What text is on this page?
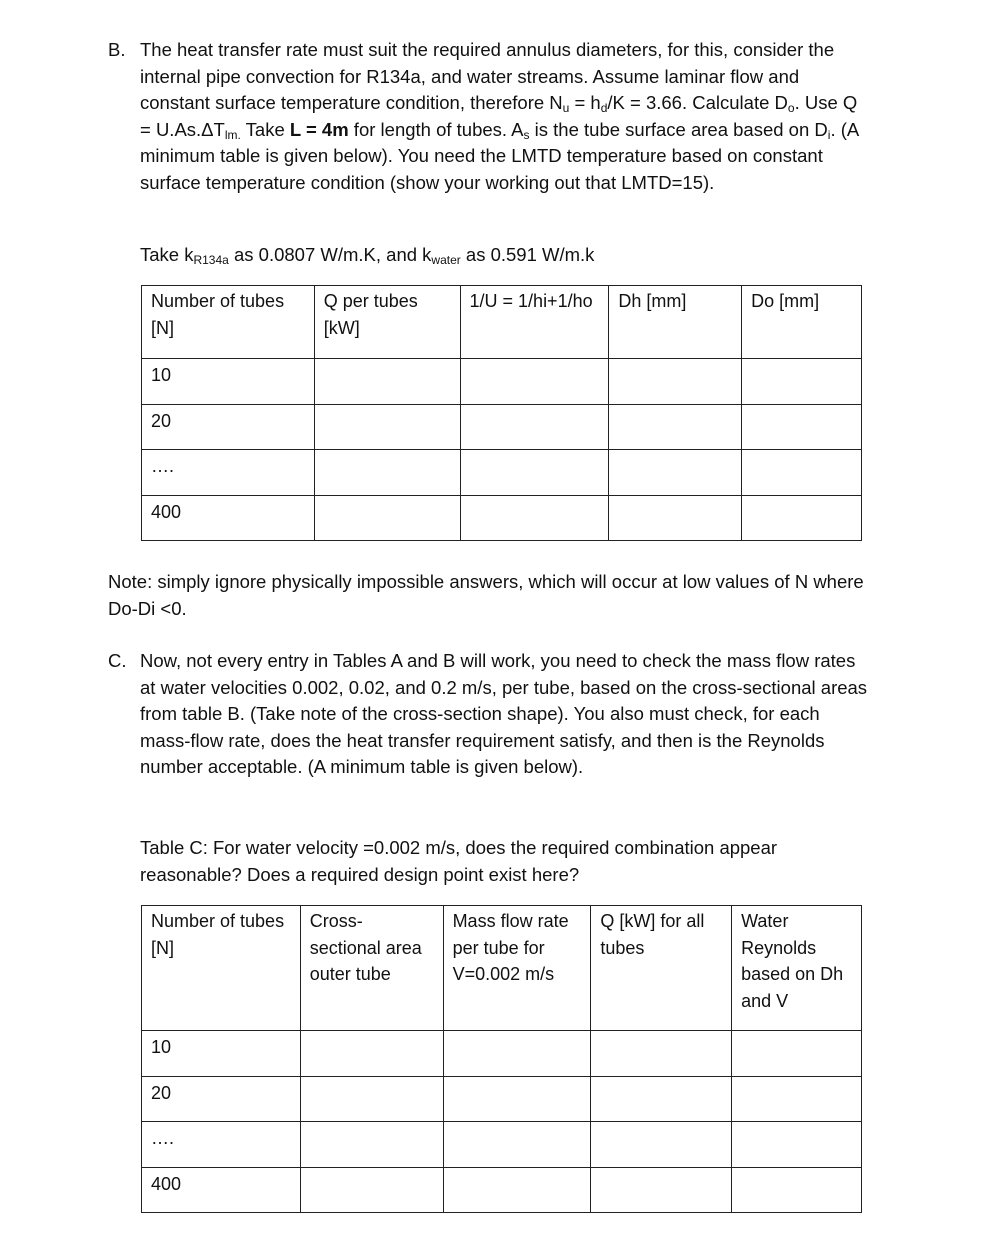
B. The heat transfer rate must suit the required annulus diameters, for this, consider the internal pipe convection for R134a, and water streams. Assume laminar flow and constant surface temperature condition, therefore $N_u = h_d/K = 3.66$. Calculate $D_o$. Use $Q = U.As.\Delta T_{lm.}$ Take L = 4m for length of tubes. $A_s$ is the tube surface area based on $D_i$. (A minimum table is given below). You need the LMTD temperature based on constant surface temperature condition (show your working out that LMTD=15).

Take $k_{R134a}$ as 0.0807 W/m.K, and $k_{water}$ as 0.591 W/m.k

Number of tubes [N]	Q per tubes [kW]	1/U = 1/hi+1/ho	Dh [mm]	Do [mm]
10				
20				
….				
400				

Note: simply ignore physically impossible answers, which will occur at low values of N where Do-Di <0.

C. Now, not every entry in Tables A and B will work, you need to check the mass flow rates at water velocities 0.002, 0.02, and 0.2 m/s, per tube, based on the cross-sectional areas from table B. (Take note of the cross-section shape). You also must check, for each mass-flow rate, does the heat transfer requirement satisfy, and then is the Reynolds number acceptable. (A minimum table is given below).

Table C: For water velocity =0.002 m/s, does the required combination appear reasonable? Does a required design point exist here?

Number of tubes [N]	Cross-sectional area outer tube	Mass flow rate per tube for V=0.002 m/s	Q [kW] for all tubes	Water Reynolds based on Dh and V
10				
20				
….				
400				
